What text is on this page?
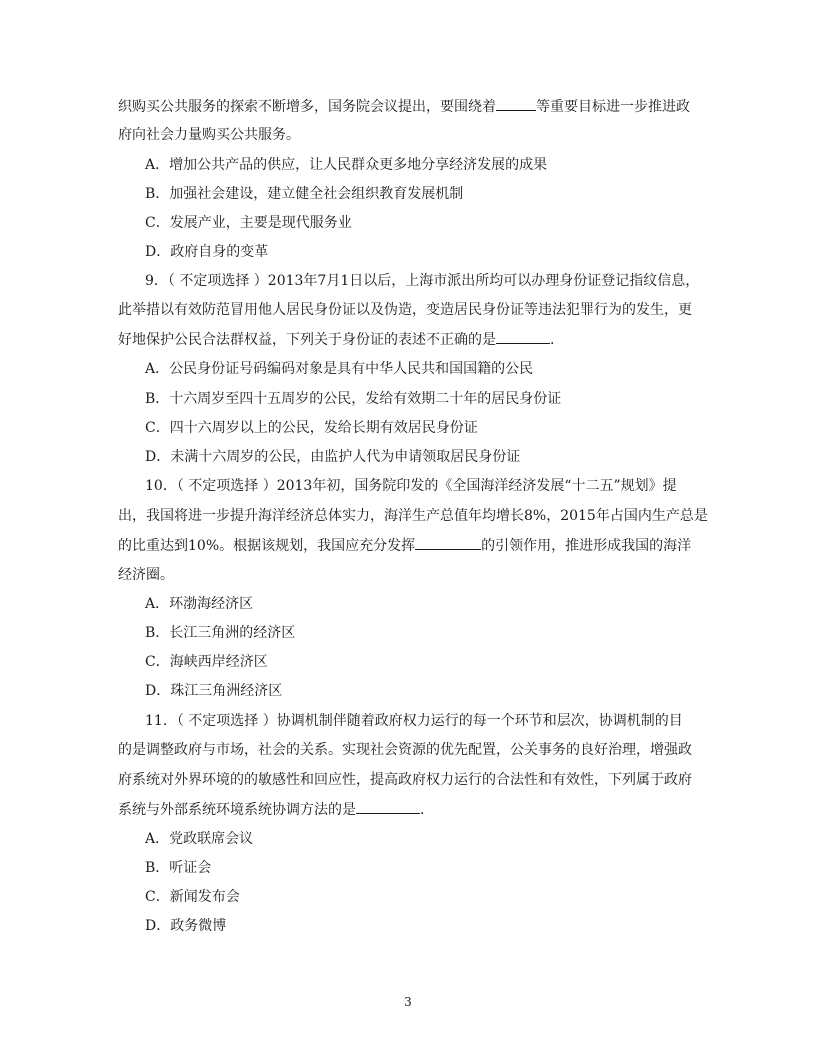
织购买公共服务的探索不断增多，国务院会议提出，要围绕着	等重要目标进一步推进政
府向社会力量购买公共服务。
A．增加公共产品的供应，让人民群众更多地分享经济发展的成果
B．加强社会建设，建立健全社会组织教育发展机制
C．发展产业，主要是现代服务业
D．政府自身的变革
9．（ 不定项选择 ）2013年7月1日以后，上海市派出所均可以办理身份证登记指纹信息，
此举措以有效防范冒用他人居民身份证以及伪造，变造居民身份证等违法犯罪行为的发生，更
好地保护公民合法群权益，下列关于身份证的表述不正确的是	.
A．公民身份证号码编码对象是具有中华人民共和国国籍的公民
B．十六周岁至四十五周岁的公民，发给有效期二十年的居民身份证
C．四十六周岁以上的公民，发给长期有效居民身份证
D．未满十六周岁的公民，由监护人代为申请领取居民身份证
10．（ 不定项选择 ）2013年初，国务院印发的《全国海洋经济发展“十二五”规划》提
出，我国将进一步提升海洋经济总体实力，海洋生产总值年均增长8%，2015年占国内生产总是
的比重达到10%。根据该规划，我国应充分发挥	的引领作用，推进形成我国的海洋
经济圈。
A．环渤海经济区
B．长江三角洲的经济区
C．海峡西岸经济区
D．珠江三角洲经济区
11．（ 不定项选择 ）协调机制伴随着政府权力运行的每一个环节和层次，协调机制的目
的是调整政府与市场，社会的关系。实现社会资源的优先配置，公关事务的良好治理，增强政
府系统对外界环境的的敏感性和回应性，提高政府权力运行的合法性和有效性，下列属于政府
系统与外部系统环境系统协调方法的是	.
A．党政联席会议
B．听证会
C．新闻发布会
D．政务微博
3
